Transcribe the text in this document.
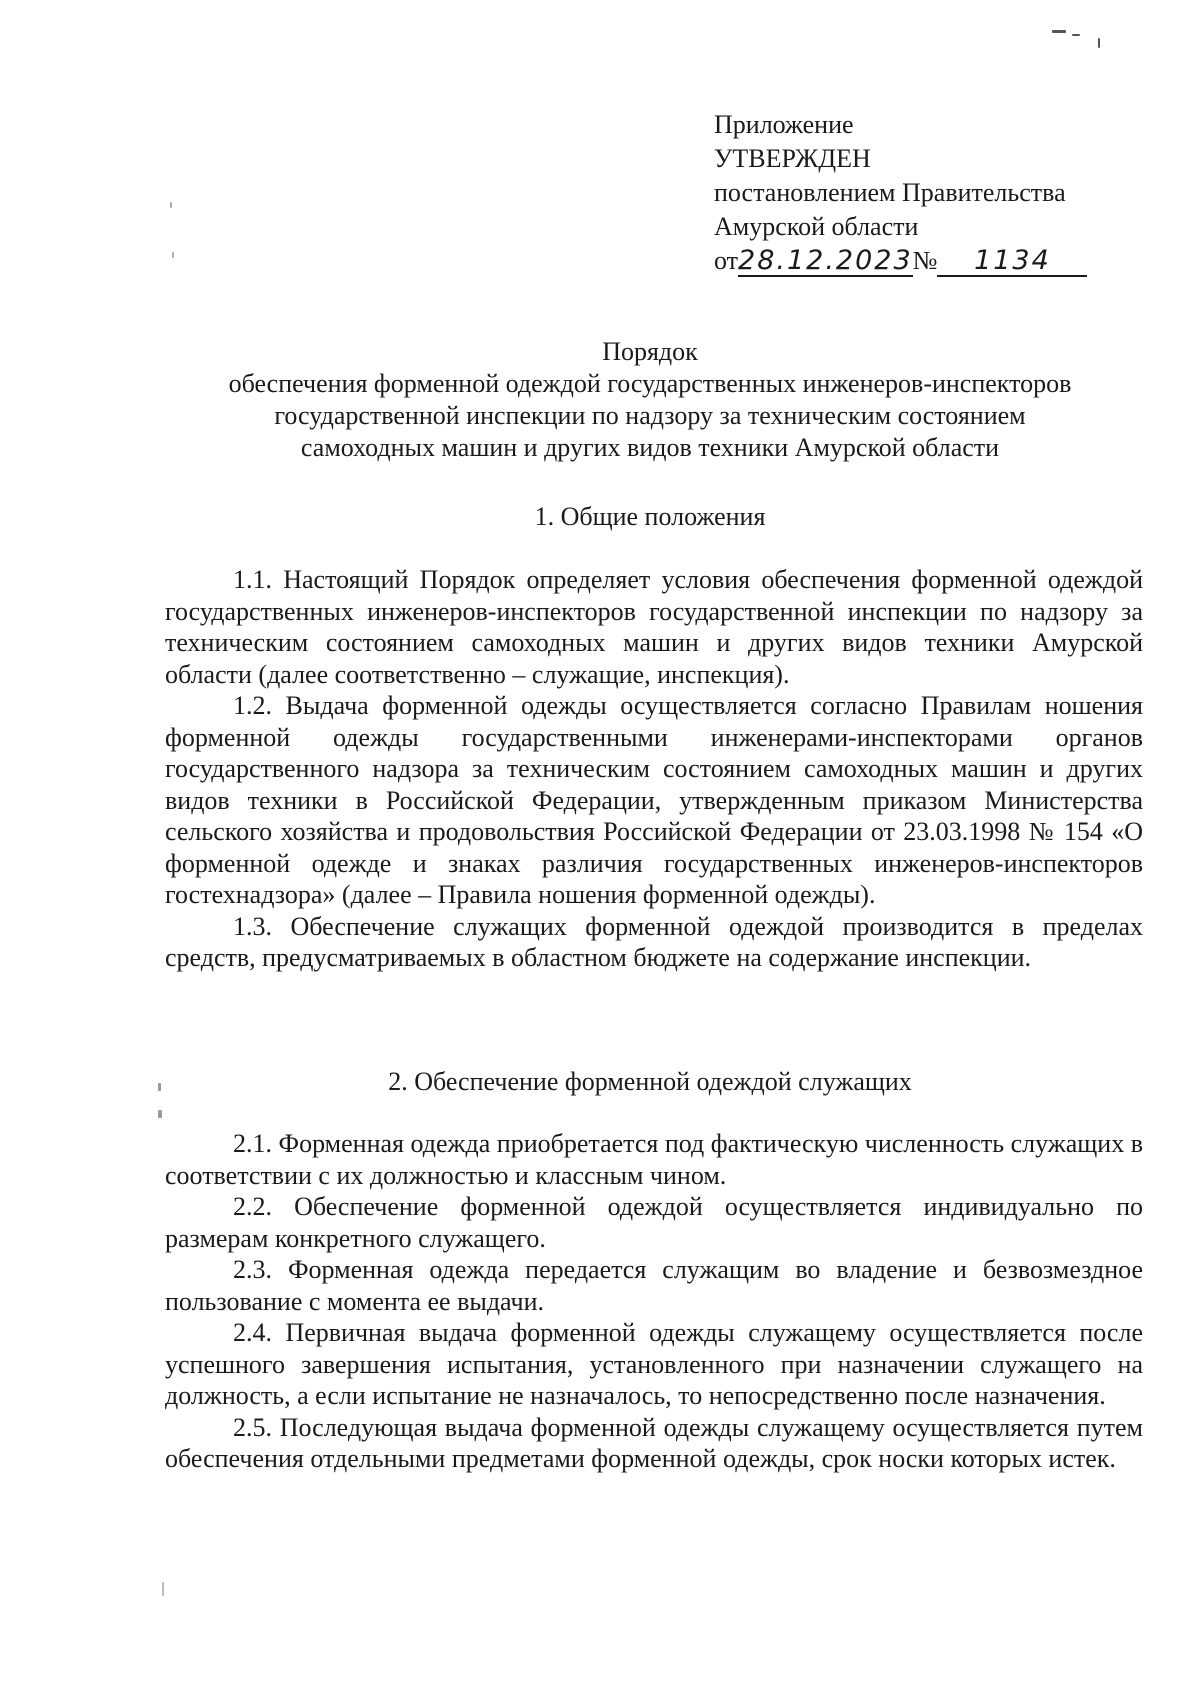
Приложение
УТВЕРЖДЕН
постановлением Правительства
Амурской области
от28.12.2023№ 1134
Порядок
обеспечения форменной одеждой государственных инженеров-инспекторов
государственной инспекции по надзору за техническим состоянием
самоходных машин и других видов техники Амурской области
1. Общие положения

1.1. Настоящий Порядок определяет условия обеспечения форменной одеждой государственных инженеров-инспекторов государственной инспекции по надзору за техническим состоянием самоходных машин и других видов техники Амурской области (далее соответственно – служащие, инспекция).

1.2. Выдача форменной одежды осуществляется согласно Правилам ношения форменной одежды государственными инженерами-инспекторами органов государственного надзора за техническим состоянием самоходных машин и других видов техники в Российской Федерации, утвержденным приказом Министерства сельского хозяйства и продовольствия Российской Федерации от 23.03.1998 № 154 «О форменной одежде и знаках различия государственных инженеров-инспекторов гостехнадзора» (далее – Правила ношения форменной одежды).

1.3. Обеспечение служащих форменной одеждой производится в пределах средств, предусматриваемых в областном бюджете на содержание инспекции.

2. Обеспечение форменной одеждой служащих

2.1. Форменная одежда приобретается под фактическую численность служащих в соответствии с их должностью и классным чином.

2.2. Обеспечение форменной одеждой осуществляется индивидуально по размерам конкретного служащего.

2.3. Форменная одежда передается служащим во владение и безвозмездное пользование с момента ее выдачи.

2.4. Первичная выдача форменной одежды служащему осуществляется после успешного завершения испытания, установленного при назначении служащего на должность, а если испытание не назначалось, то непосредственно после назначения.

2.5. Последующая выдача форменной одежды служащему осуществляется путем обеспечения отдельными предметами форменной одежды, срок носки которых истек.
